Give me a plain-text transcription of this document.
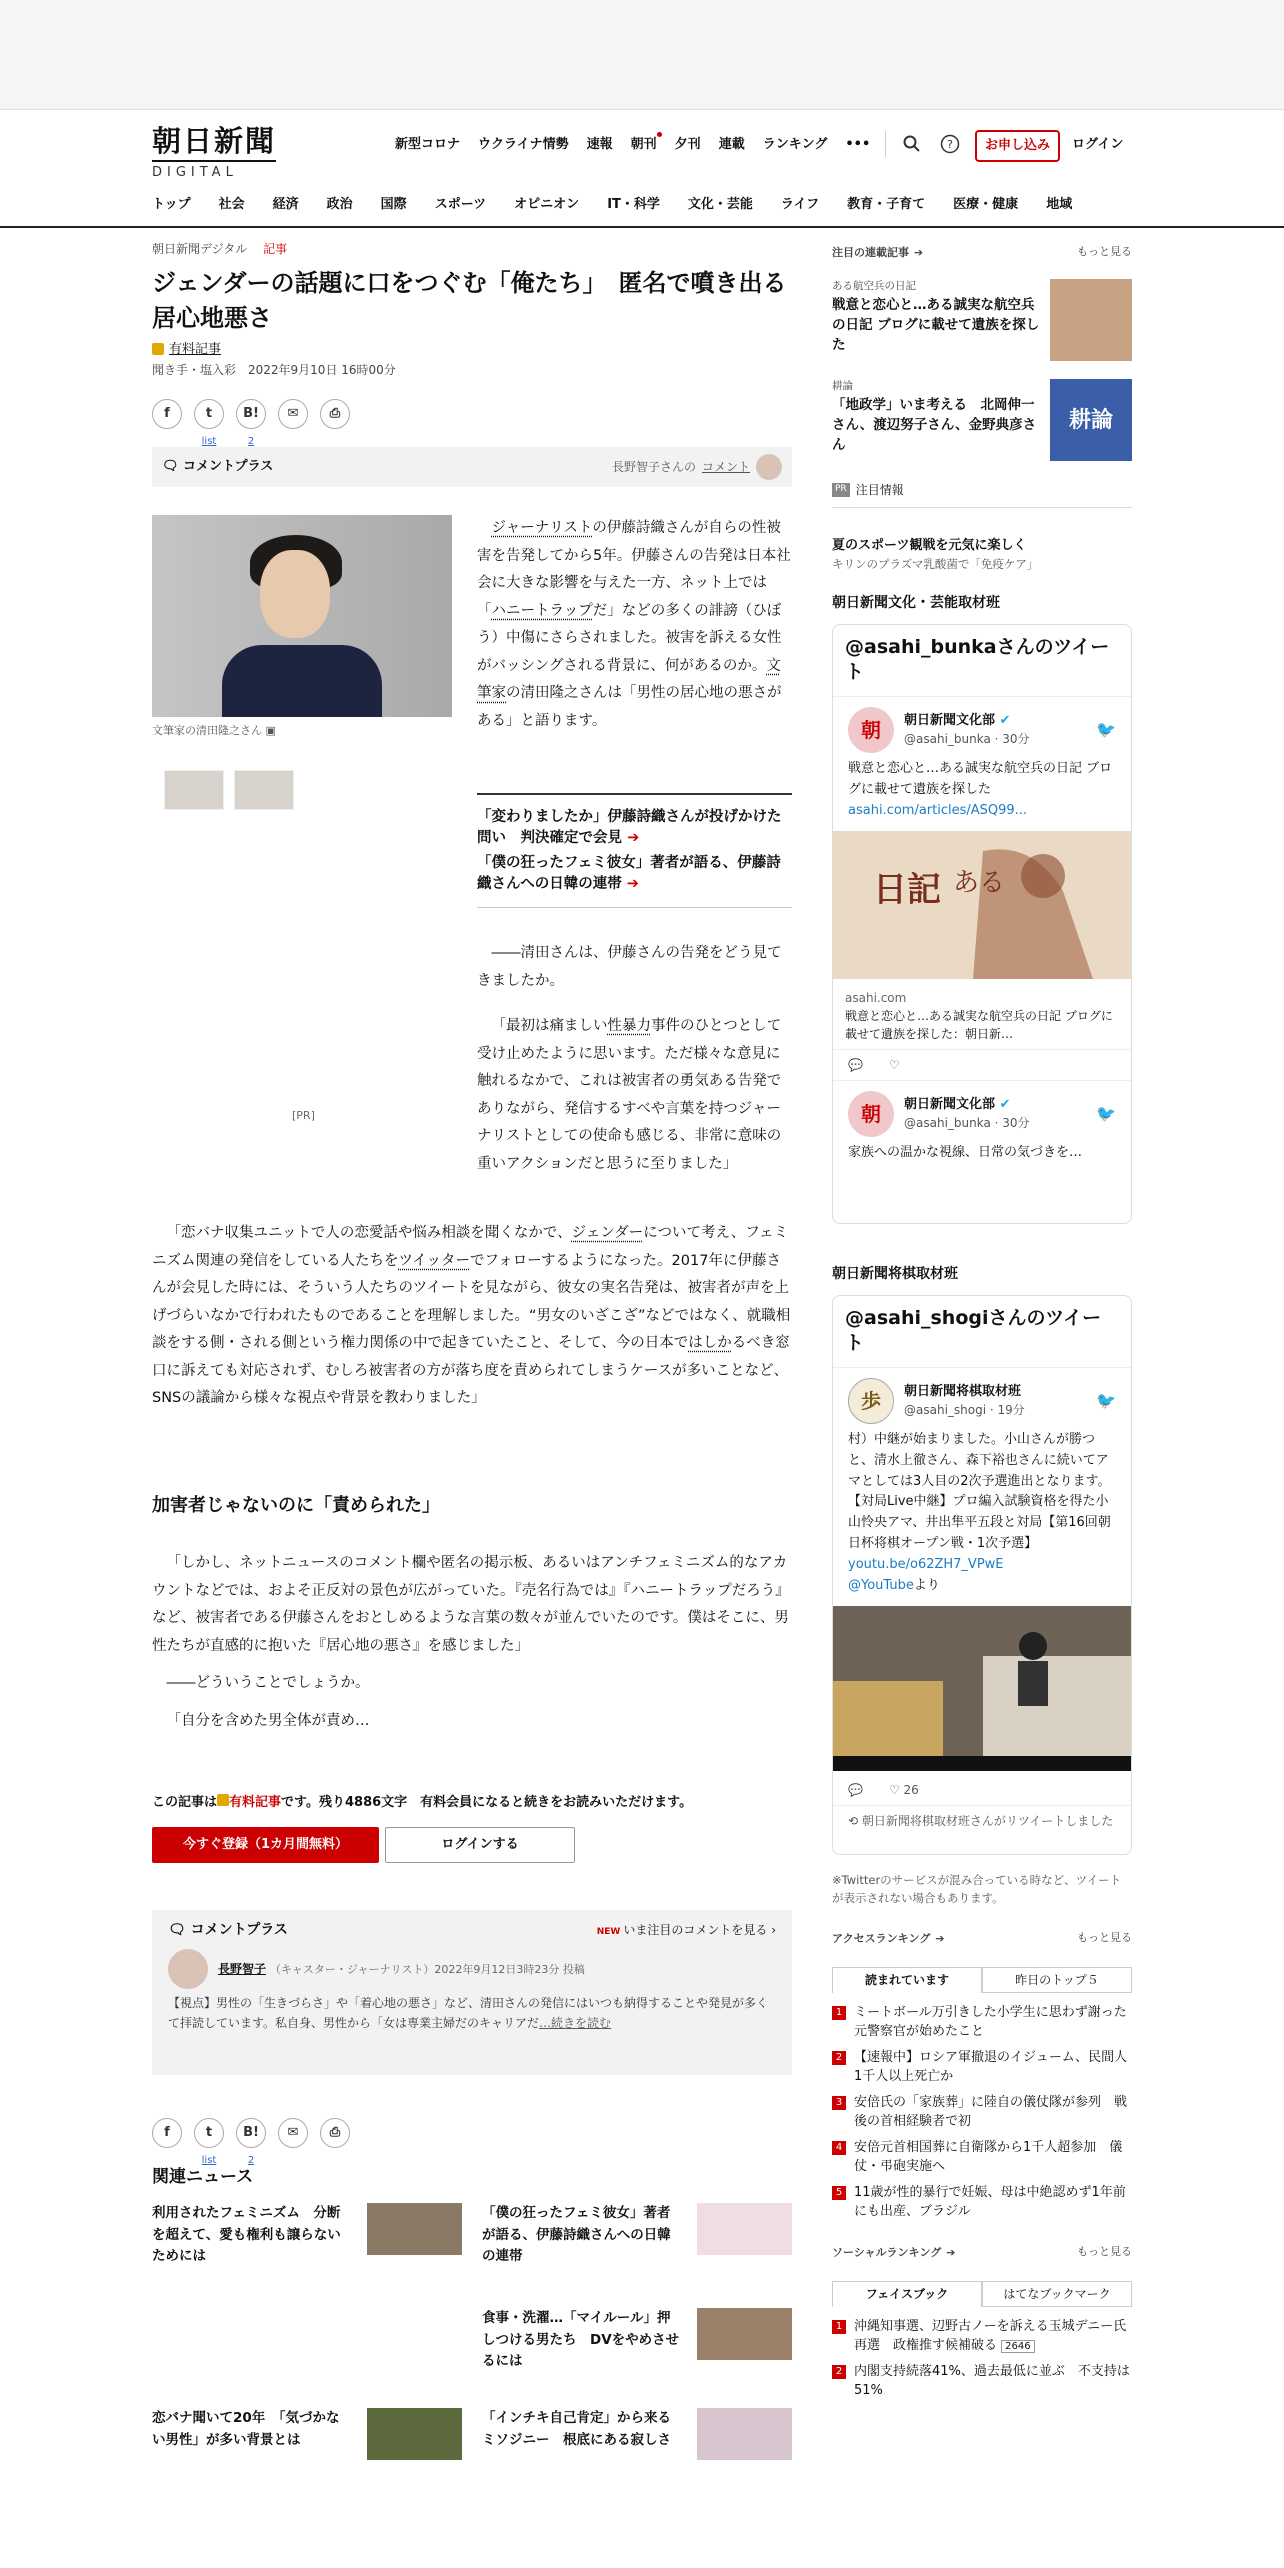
朝日新聞
DIGITAL
新型コロナ ウクライナ情勢 速報 朝刊 夕刊 連載 ランキング •••	?	お申し込み	ログイン
トップ 社会 経済 政治 国際 スポーツ オピニオン IT・科学 文化・芸能 ライフ 教育・子育て 医療・健康 地域
朝日新聞デジタル 記事
ジェンダーの話題に口をつぐむ「俺たち」　匿名で噴き出る居心地悪さ
有料記事
聞き手・塩入彩　2022年9月10日 16時00分
f	t
list
B!
2
✉	⎙
🗨 コメントプラス	長野智子さんの コメント
文筆家の清田隆之さん ▣
[PR]

ジャーナリストの伊藤詩織さんが自らの性被害を告発してから5年。伊藤さんの告発は日本社会に大きな影響を与えた一方、ネット上では「ハニートラップだ」などの多くの誹謗（ひぼう）中傷にさらされました。被害を訴える女性がバッシングされる背景に、何があるのか。文筆家の清田隆之さんは「男性の居心地の悪さがある」と語ります。

「変わりましたか」伊藤詩織さんが投げかけた問い　判決確定で会見 ➔
「僕の狂ったフェミ彼女」著者が語る、伊藤詩織さんへの日韓の連帯 ➔

――清田さんは、伊藤さんの告発をどう見てきましたか。

「最初は痛ましい性暴力事件のひとつとして受け止めたように思います。ただ様々な意見に触れるなかで、これは被害者の勇気ある告発でありながら、発信するすべや言葉を持つジャーナリストとしての使命も感じる、非常に意味の重いアクションだと思うに至りました」

「恋バナ収集ユニットで人の恋愛話や悩み相談を聞くなかで、ジェンダーについて考え、フェミニズム関連の発信をしている人たちをツイッターでフォローするようになった。2017年に伊藤さんが会見した時には、そういう人たちのツイートを見ながら、彼女の実名告発は、被害者が声を上げづらいなかで行われたものであることを理解しました。“男女のいざこざ”などではなく、就職相談をする側・される側という権力関係の中で起きていたこと、そして、今の日本ではしかるべき窓口に訴えても対応されず、むしろ被害者の方が落ち度を責められてしまうケースが多いことなど、SNSの議論から様々な視点や背景を教わりました」

加害者じゃないのに「責められた」

「しかし、ネットニュースのコメント欄や匿名の掲示板、あるいはアンチフェミニズム的なアカウントなどでは、およそ正反対の景色が広がっていた。『売名行為では』『ハニートラップだろう』など、被害者である伊藤さんをおとしめるような言葉の数々が並んでいたのです。僕はそこに、男性たちが直感的に抱いた『居心地の悪さ』を感じました」

――どういうことでしょうか。

「自分を含めた男全体が責め…

この記事は 有料記事です。残り4886文字　有料会員になると続きをお読みいただけます。
今すぐ登録（1カ月間無料）	ログインする
🗨 コメントプラス	NEW いま注目のコメントを見る ›
長野智子 （キャスター・ジャーナリスト）2022年9月12日3時23分 投稿
【視点】男性の「生きづらさ」や「着心地の悪さ」など、清田さんの発信にはいつも納得することや発見が多くて拝読しています。私自身、男性から「女は専業主婦だのキャリアだ…続きを読む
f	t
list
B!
2
✉	⎙
関連ニュース
利用されたフェミニズム　分断を超えて、愛も権利も譲らないためには
「僕の狂ったフェミ彼女」著者が語る、伊藤詩織さんへの日韓の連帯
食事・洗濯…「マイルール」押しつける男たち　DVをやめさせるには
恋バナ聞いて20年　「気づかない男性」が多い背景とは
「インチキ自己肯定」から来るミソジニー　根底にある寂しさ
注目の連載記事 ➔	もっと見る
ある航空兵の日記
戦意と恋心と…ある誠実な航空兵の日記 ブログに載せて遺族を探した
耕論
「地政学」いま考える　北岡伸一さん、渡辺努子さん、金野典彦さん
耕論
PR 注目情報
夏のスポーツ観戦を元気に楽しく
キリンのプラズマ乳酸菌で「免疫ケア」
朝日新聞文化・芸能取材班
@asahi_bunkaさんのツイート
朝	朝日新聞文化部 ✔
@asahi_bunka · 30分	🐦
戦意と恋心と…ある誠実な航空兵の日記 ブログに載せて遺族を探した
asahi.com/articles/ASQ99...
日記 ある
asahi.com
戦意と恋心と…ある誠実な航空兵の日記 ブログに載せて遺族を探した：朝日新…
💬 ♡
朝	朝日新聞文化部 ✔
@asahi_bunka · 30分	🐦
家族への温かな視線、日常の気づきを…
朝日新聞将棋取材班
@asahi_shogiさんのツイート
歩	朝日新聞将棋取材班
@asahi_shogi · 19分	🐦
村）中継が始まりました。小山さんが勝つと、清水上徹さん、森下裕也さんに続いてアマとしては3人目の2次予選進出となります。【対局Live中継】プロ編入試験資格を得た小山怜央アマ、井出隼平五段と対局【第16回朝日杯将棋オープン戦・1次予選】 youtu.be/o62ZH7_VPwE
@YouTubeより
💬 ♡ 26
⟲ 朝日新聞将棋取材班さんがリツイートしました
※Twitterのサービスが混み合っている時など、ツイートが表示されない場合もあります。
アクセスランキング ➔	もっと見る
読まれています	昨日のトップ５
1 ミートボール万引きした小学生に思わず謝った　元警察官が始めたこと
2 【速報中】ロシア軍撤退のイジューム、民間人1千人以上死亡か
3 安倍氏の「家族葬」に陸自の儀仗隊が参列　戦後の首相経験者で初
4 安倍元首相国葬に自衛隊から1千人超参加　儀仗・弔砲実施へ
5 11歳が性的暴行で妊娠、母は中絶認めず1年前にも出産、ブラジル
ソーシャルランキング ➔	もっと見る
フェイスブック	はてなブックマーク
1 沖縄知事選、辺野古ノーを訴える玉城デニー氏再選　政権推す候補破る 2646
2 内閣支持続落41%、過去最低に並ぶ　不支持は51%
